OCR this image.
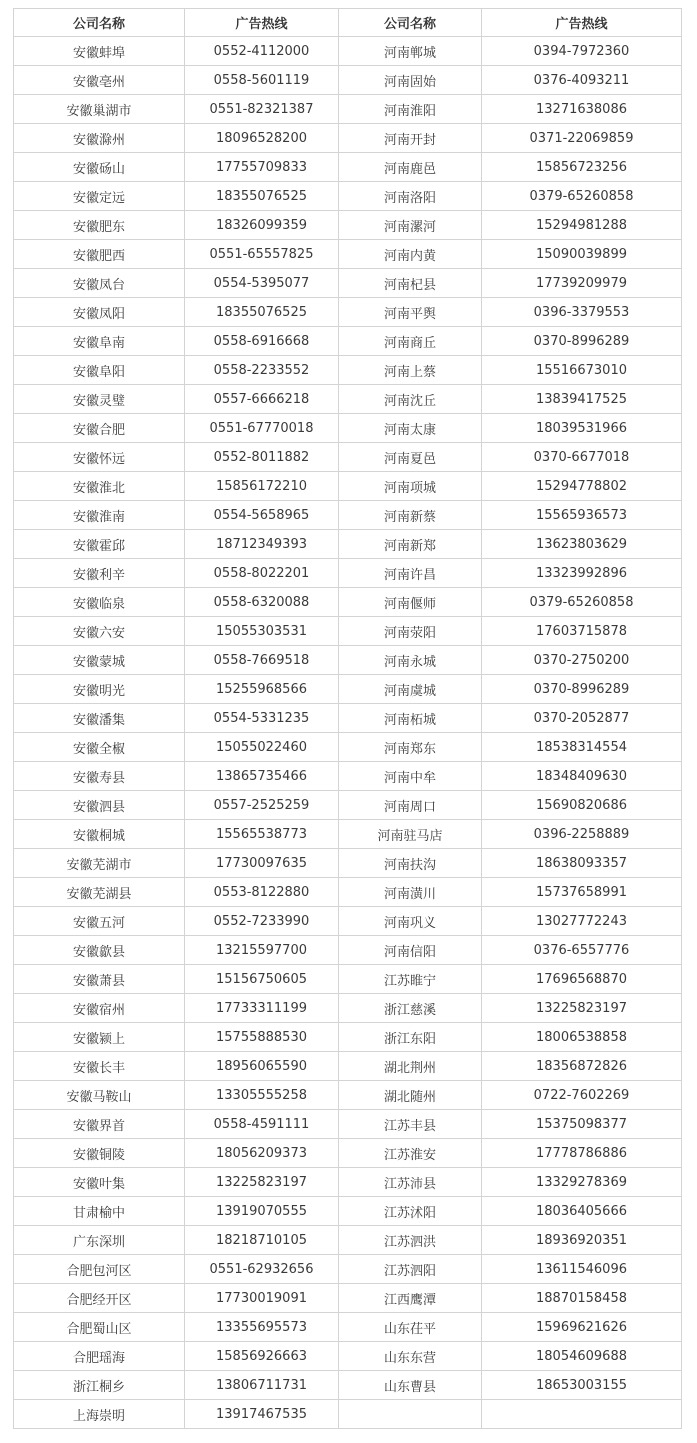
公司名称	广告热线	公司名称	广告热线
安徽蚌埠	0552-4112000	河南郸城	0394-7972360
安徽亳州	0558-5601119	河南固始	0376-4093211
安徽巢湖市	0551-82321387	河南淮阳	13271638086
安徽滁州	18096528200	河南开封	0371-22069859
安徽砀山	17755709833	河南鹿邑	15856723256
安徽定远	18355076525	河南洛阳	0379-65260858
安徽肥东	18326099359	河南漯河	15294981288
安徽肥西	0551-65557825	河南内黄	15090039899
安徽凤台	0554-5395077	河南杞县	17739209979
安徽凤阳	18355076525	河南平舆	0396-3379553
安徽阜南	0558-6916668	河南商丘	0370-8996289
安徽阜阳	0558-2233552	河南上蔡	15516673010
安徽灵璧	0557-6666218	河南沈丘	13839417525
安徽合肥	0551-67770018	河南太康	18039531966
安徽怀远	0552-8011882	河南夏邑	0370-6677018
安徽淮北	15856172210	河南项城	15294778802
安徽淮南	0554-5658965	河南新蔡	15565936573
安徽霍邱	18712349393	河南新郑	13623803629
安徽利辛	0558-8022201	河南许昌	13323992896
安徽临泉	0558-6320088	河南偃师	0379-65260858
安徽六安	15055303531	河南荥阳	17603715878
安徽蒙城	0558-7669518	河南永城	0370-2750200
安徽明光	15255968566	河南虞城	0370-8996289
安徽潘集	0554-5331235	河南柘城	0370-2052877
安徽全椒	15055022460	河南郑东	18538314554
安徽寿县	13865735466	河南中牟	18348409630
安徽泗县	0557-2525259	河南周口	15690820686
安徽桐城	15565538773	河南驻马店	0396-2258889
安徽芜湖市	17730097635	河南扶沟	18638093357
安徽芜湖县	0553-8122880	河南潢川	15737658991
安徽五河	0552-7233990	河南巩义	13027772243
安徽歙县	13215597700	河南信阳	0376-6557776
安徽萧县	15156750605	江苏睢宁	17696568870
安徽宿州	17733311199	浙江慈溪	13225823197
安徽颍上	15755888530	浙江东阳	18006538858
安徽长丰	18956065590	湖北荆州	18356872826
安徽马鞍山	13305555258	湖北随州	0722-7602269
安徽界首	0558-4591111	江苏丰县	15375098377
安徽铜陵	18056209373	江苏淮安	17778786886
安徽叶集	13225823197	江苏沛县	13329278369
甘肃榆中	13919070555	江苏沭阳	18036405666
广东深圳	18218710105	江苏泗洪	18936920351
合肥包河区	0551-62932656	江苏泗阳	13611546096
合肥经开区	17730019091	江西鹰潭	18870158458
合肥蜀山区	13355695573	山东茌平	15969621626
合肥瑶海	15856926663	山东东营	18054609688
浙江桐乡	13806711731	山东曹县	18653003155
上海崇明	13917467535		
